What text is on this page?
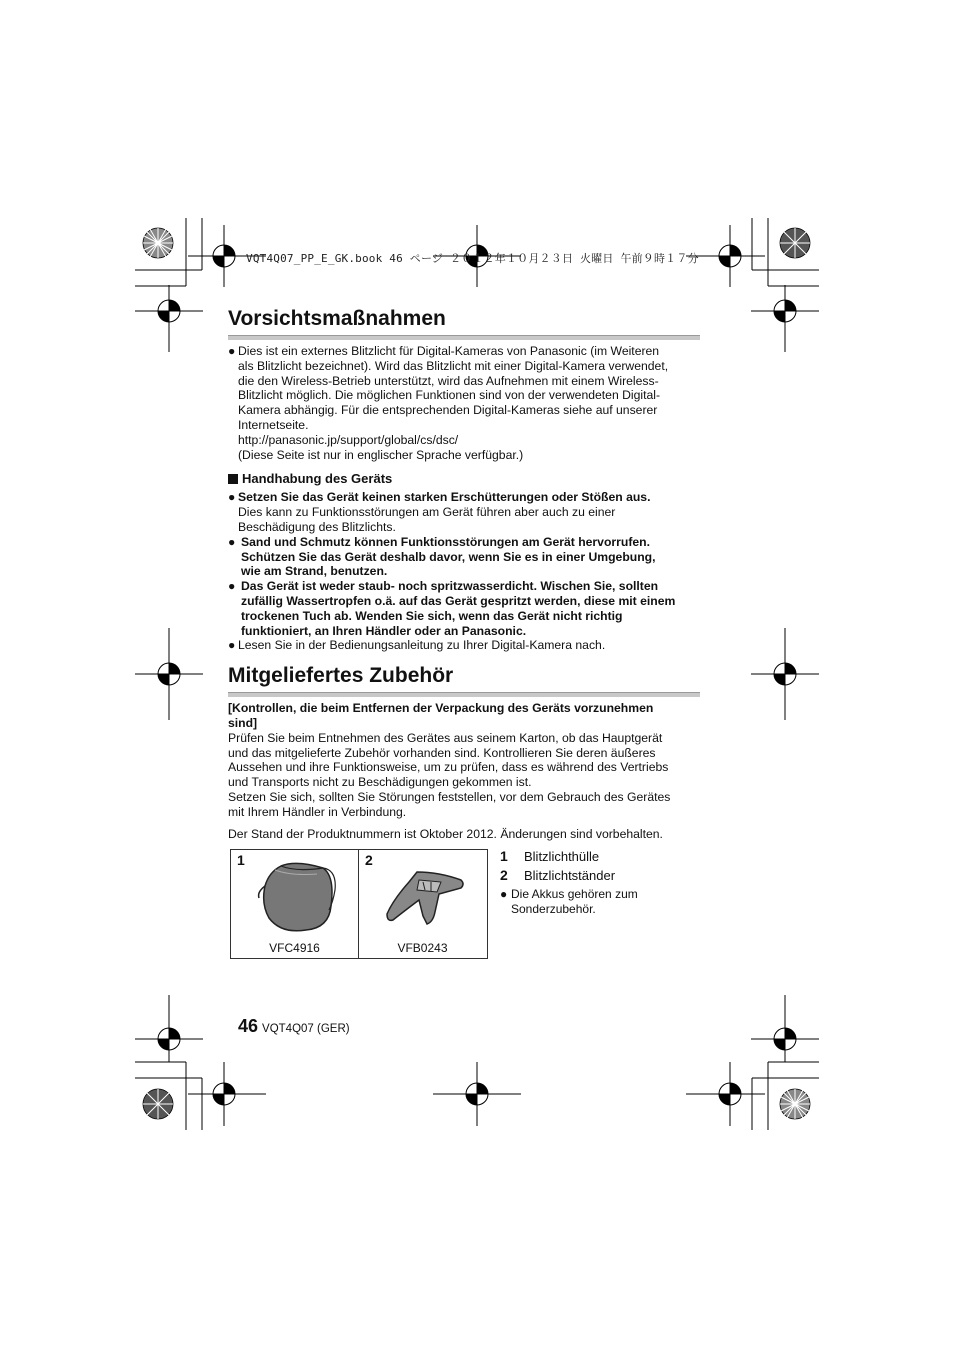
VQT4Q07_PP_E_GK.book 46 ページ ２０１２年１０月２３日 火曜日 午前９時１７分
Vorsichtsmaßnahmen
● Dies ist ein externes Blitzlicht für Digital-Kameras von Panasonic (im Weiteren
als Blitzlicht bezeichnet). Wird das Blitzlicht mit einer Digital-Kamera verwendet,
die den Wireless-Betrieb unterstützt, wird das Aufnehmen mit einem Wireless-
Blitzlicht möglich. Die möglichen Funktionen sind von der verwendeten Digital-
Kamera abhängig. Für die entsprechenden Digital-Kameras siehe auf unserer
Internetseite.
http://panasonic.jp/support/global/cs/dsc/
(Diese Seite ist nur in englischer Sprache verfügbar.)
Handhabung des Geräts
● Setzen Sie das Gerät keinen starken Erschütterungen oder Stößen aus.
Dies kann zu Funktionsstörungen am Gerät führen aber auch zu einer
Beschädigung des Blitzlichts.
● Sand und Schmutz können Funktionsstörungen am Gerät hervorrufen.
Schützen Sie das Gerät deshalb davor, wenn Sie es in einer Umgebung,
wie am Strand, benutzen.
● Das Gerät ist weder staub- noch spritzwasserdicht. Wischen Sie, sollten
zufällig Wassertropfen o.ä. auf das Gerät gespritzt werden, diese mit einem
trockenen Tuch ab. Wenden Sie sich, wenn das Gerät nicht richtig
funktioniert, an Ihren Händler oder an Panasonic.
● Lesen Sie in der Bedienungsanleitung zu Ihrer Digital-Kamera nach.
Mitgeliefertes Zubehör
[Kontrollen, die beim Entfernen der Verpackung des Geräts vorzunehmen
sind]
Prüfen Sie beim Entnehmen des Gerätes aus seinem Karton, ob das Hauptgerät
und das mitgelieferte Zubehör vorhanden sind. Kontrollieren Sie deren äußeres
Aussehen und ihre Funktionsweise, um zu prüfen, dass es während des Vertriebs
und Transports nicht zu Beschädigungen gekommen ist.
Setzen Sie sich, sollten Sie Störungen feststellen, vor dem Gebrauch des Gerätes
mit Ihrem Händler in Verbindung.
Der Stand der Produktnummern ist Oktober 2012. Änderungen sind vorbehalten.
1
VFC4916
2
VFB0243
1 Blitzlichthülle
2 Blitzlichtständer
● Die Akkus gehören zum
Sonderzubehör.
46 VQT4Q07 (GER)
